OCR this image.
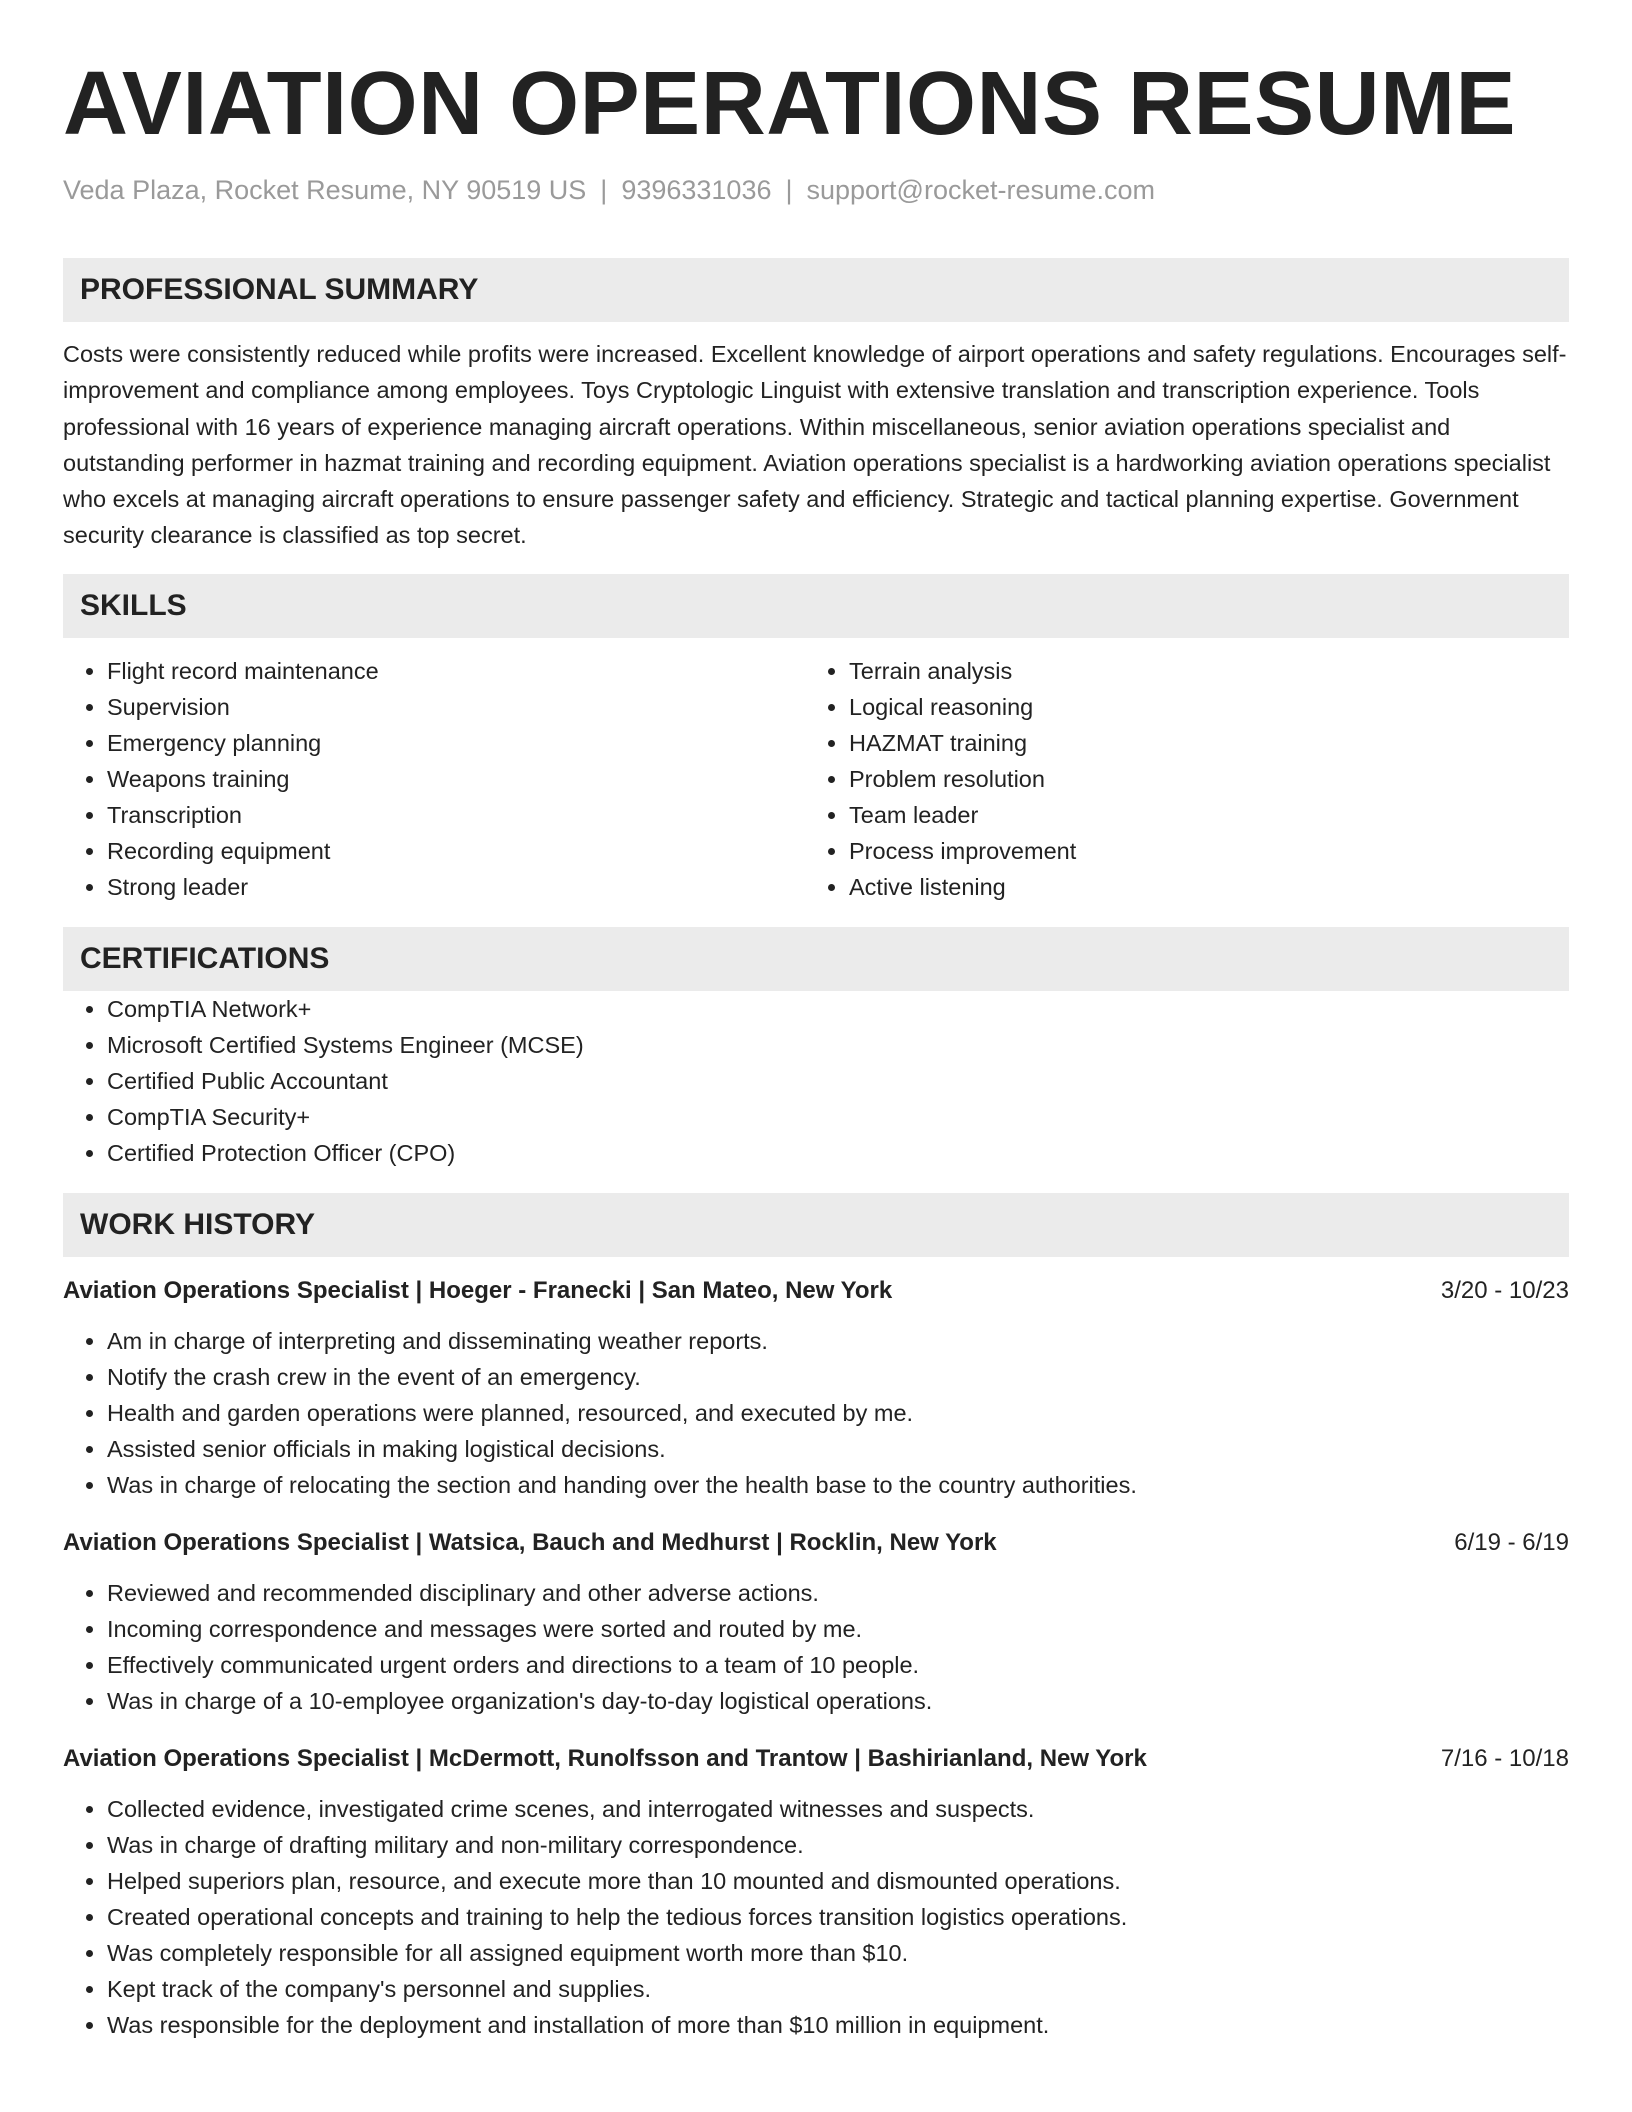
AVIATION OPERATIONS RESUME
Veda Plaza, Rocket Resume, NY 90519 US | 9396331036 | support@rocket-resume.com
PROFESSIONAL SUMMARY
Costs were consistently reduced while profits were increased. Excellent knowledge of airport operations and safety regulations. Encourages self-improvement and compliance among employees. Toys Cryptologic Linguist with extensive translation and transcription experience. Tools professional with 16 years of experience managing aircraft operations. Within miscellaneous, senior aviation operations specialist and outstanding performer in hazmat training and recording equipment. Aviation operations specialist is a hardworking aviation operations specialist who excels at managing aircraft operations to ensure passenger safety and efficiency. Strategic and tactical planning expertise. Government security clearance is classified as top secret.
SKILLS
• Flight record maintenance
• Supervision
• Emergency planning
• Weapons training
• Transcription
• Recording equipment
• Strong leader
• Terrain analysis
• Logical reasoning
• HAZMAT training
• Problem resolution
• Team leader
• Process improvement
• Active listening
CERTIFICATIONS
• CompTIA Network+
• Microsoft Certified Systems Engineer (MCSE)
• Certified Public Accountant
• CompTIA Security+
• Certified Protection Officer (CPO)
WORK HISTORY
Aviation Operations Specialist | Hoeger - Franecki | San Mateo, New York	3/20 - 10/23
• Am in charge of interpreting and disseminating weather reports.
• Notify the crash crew in the event of an emergency.
• Health and garden operations were planned, resourced, and executed by me.
• Assisted senior officials in making logistical decisions.
• Was in charge of relocating the section and handing over the health base to the country authorities.
Aviation Operations Specialist | Watsica, Bauch and Medhurst | Rocklin, New York	6/19 - 6/19
• Reviewed and recommended disciplinary and other adverse actions.
• Incoming correspondence and messages were sorted and routed by me.
• Effectively communicated urgent orders and directions to a team of 10 people.
• Was in charge of a 10-employee organization's day-to-day logistical operations.
Aviation Operations Specialist | McDermott, Runolfsson and Trantow | Bashirianland, New York	7/16 - 10/18
• Collected evidence, investigated crime scenes, and interrogated witnesses and suspects.
• Was in charge of drafting military and non-military correspondence.
• Helped superiors plan, resource, and execute more than 10 mounted and dismounted operations.
• Created operational concepts and training to help the tedious forces transition logistics operations.
• Was completely responsible for all assigned equipment worth more than $10.
• Kept track of the company's personnel and supplies.
• Was responsible for the deployment and installation of more than $10 million in equipment.
